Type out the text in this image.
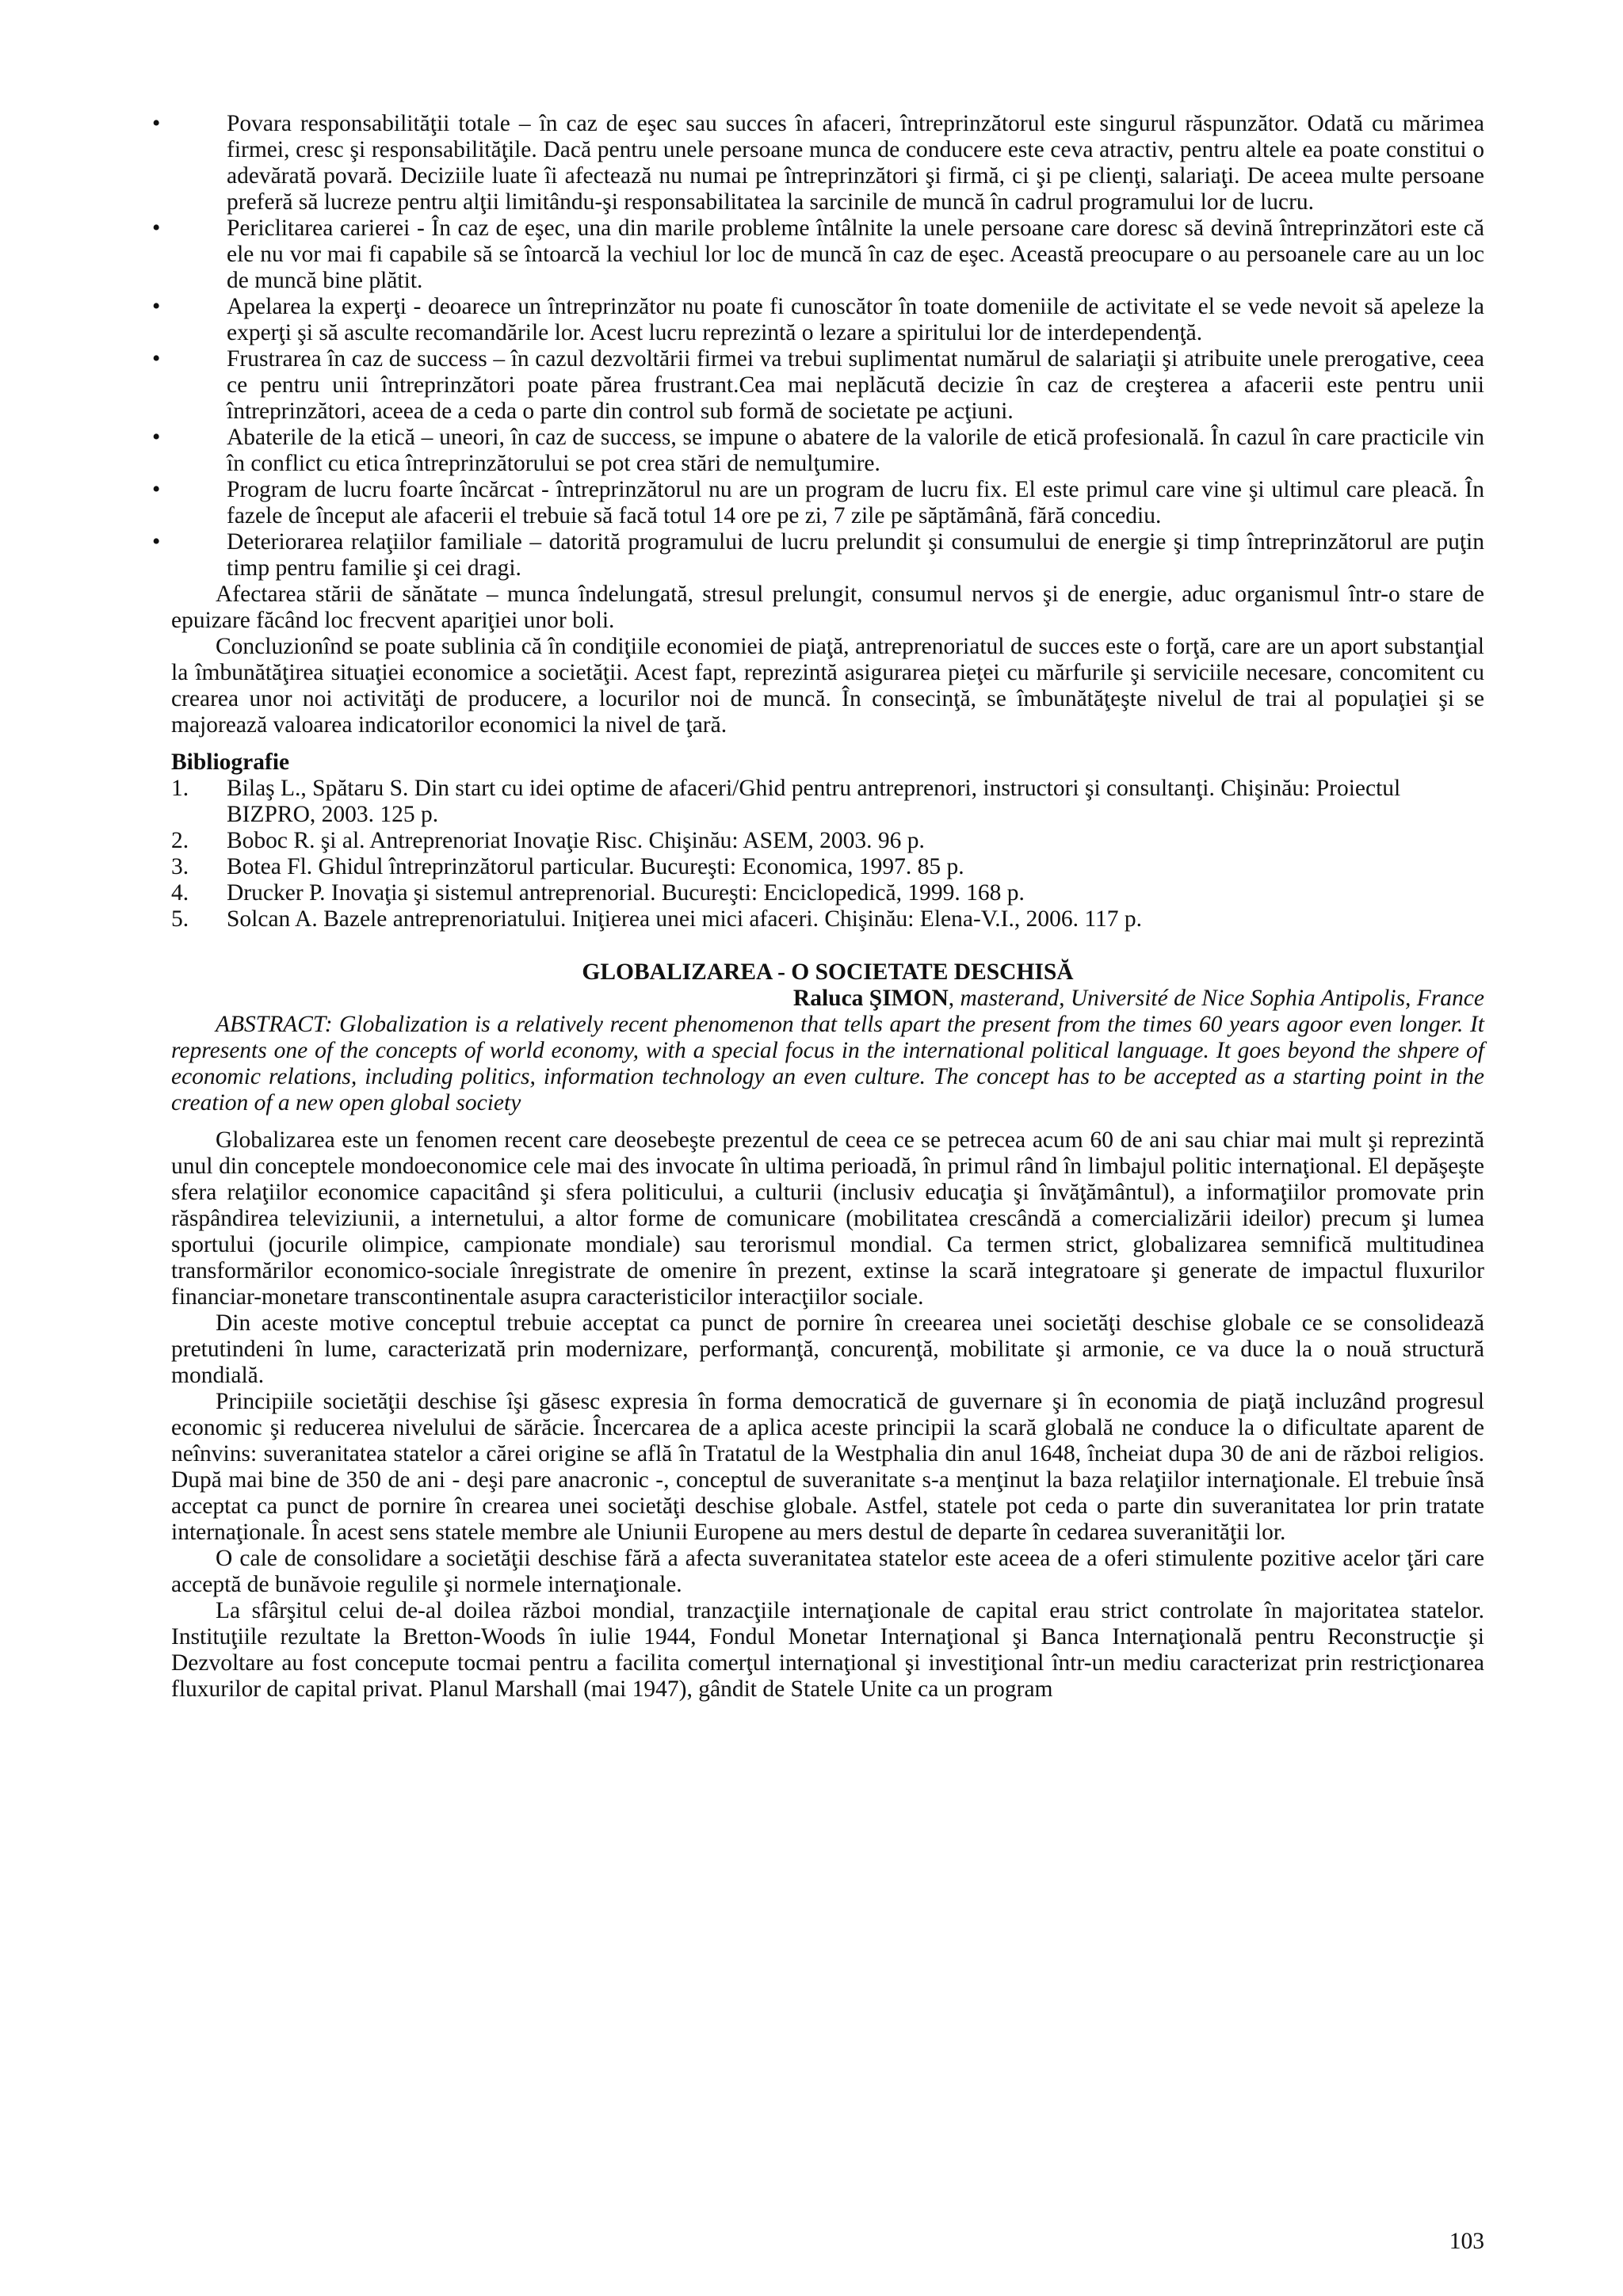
•	Povara responsabilităţii totale – în caz de eşec sau succes în afaceri, întreprinzătorul este singurul răspunzător. Odată cu mărimea firmei, cresc şi responsabilităţile. Dacă pentru unele persoane munca de conducere este ceva atractiv, pentru altele ea poate constitui o adevărată povară. Deciziile luate îi afectează nu numai pe întreprinzători şi firmă, ci şi pe clienţi, salariaţi. De aceea multe persoane preferă să lucreze pentru alţii limitându-şi responsabilitatea la sarcinile de muncă în cadrul programului lor de lucru.
•	Periclitarea carierei - În caz de eşec, una din marile probleme întâlnite la unele persoane care doresc să devină întreprinzători este că ele nu vor mai fi capabile să se întoarcă la vechiul lor loc de muncă în caz de eşec. Această preocupare o au persoanele care au un loc de muncă bine plătit.
•	Apelarea la experţi - deoarece un întreprinzător nu poate fi cunoscător în toate domeniile de activitate el se vede nevoit să apeleze la experţi şi să asculte recomandările lor. Acest lucru reprezintă o lezare a spiritului lor de interdependenţă.
•	Frustrarea în caz de success – în cazul dezvoltării firmei va trebui suplimentat numărul de salariaţii şi atribuite unele prerogative, ceea ce pentru unii întreprinzători poate părea frustrant.Cea mai neplăcută decizie în caz de creşterea a afacerii este pentru unii întreprinzători, aceea de a ceda o parte din control sub formă de societate pe acţiuni.
•	Abaterile de la etică – uneori, în caz de success, se impune o abatere de la valorile de etică profesională. În cazul în care practicile vin în conflict cu etica întreprinzătorului se pot crea stări de nemulţumire.
•	Program de lucru foarte încărcat - întreprinzătorul nu are un program de lucru fix. El este primul care vine şi ultimul care pleacă. În fazele de început ale afacerii el trebuie să facă totul 14 ore pe zi, 7 zile pe săptămână, fără concediu.
•	Deteriorarea relaţiilor familiale – datorită programului de lucru prelundit şi consumului de energie şi timp întreprinzătorul are puţin timp pentru familie şi cei dragi.

Afectarea stării de sănătate – munca îndelungată, stresul prelungit, consumul nervos şi de energie, aduc organismul într-o stare de epuizare făcând loc frecvent apariţiei unor boli.

Concluzionînd se poate sublinia că în condiţiile economiei de piaţă, antreprenoriatul de succes este o forţă, care are un aport substanţial la îmbunătăţirea situaţiei economice a societăţii. Acest fapt, reprezintă asigurarea pieţei cu mărfurile şi serviciile necesare, concomitent cu crearea unor noi activităţi de producere, a locurilor noi de muncă. În consecinţă, se îmbunătăţeşte nivelul de trai al populaţiei şi se majorează valoarea indicatorilor economici la nivel de ţară.

Bibliografie
1. Bilaş L., Spătaru S. Din start cu idei optime de afaceri/Ghid pentru antreprenori, instructori şi consultanţi. Chişinău: Proiectul BIZPRO, 2003. 125 p.
2. Boboc R. şi al. Antreprenoriat Inovaţie Risc. Chişinău: ASEM, 2003. 96 p.
3. Botea Fl. Ghidul întreprinzătorul particular. Bucureşti: Economica, 1997. 85 p.
4. Drucker P. Inovaţia şi sistemul antreprenorial. Bucureşti: Enciclopedică, 1999. 168 p.
5. Solcan A. Bazele antreprenoriatului. Iniţierea unei mici afaceri. Chişinău: Elena-V.I., 2006. 117 p.
GLOBALIZAREA - O SOCIETATE DESCHISĂ
Raluca ŞIMON, masterand, Université de Nice Sophia Antipolis, France

ABSTRACT: Globalization is a relatively recent phenomenon that tells apart the present from the times 60 years agoor even longer. It represents one of the concepts of world economy, with a special focus in the international political language. It goes beyond the shpere of economic relations, including politics, information technology an even culture. The concept has to be accepted as a starting point in the creation of a new open global society

Globalizarea este un fenomen recent care deosebeşte prezentul de ceea ce se petrecea acum 60 de ani sau chiar mai mult şi reprezintă unul din conceptele mondoeconomice cele mai des invocate în ultima perioadă, în primul rând în limbajul politic internaţional. El depăşeşte sfera relaţiilor economice capacitând şi sfera politicului, a culturii (inclusiv educaţia şi învăţământul), a informaţiilor promovate prin răspândirea televiziunii, a internetului, a altor forme de comunicare (mobilitatea crescândă a comercializării ideilor) precum şi lumea sportului (jocurile olimpice, campionate mondiale) sau terorismul mondial. Ca termen strict, globalizarea semnifică multitudinea transformărilor economico-sociale înregistrate de omenire în prezent, extinse la scară integratoare şi generate de impactul fluxurilor financiar-monetare transcontinentale asupra caracteristicilor interacţiilor sociale.

Din aceste motive conceptul trebuie acceptat ca punct de pornire în creearea unei societăţi deschise globale ce se consolidează pretutindeni în lume, caracterizată prin modernizare, performanţă, concurenţă, mobilitate şi armonie, ce va duce la o nouă structură mondială.

Principiile societăţii deschise îşi găsesc expresia în forma democratică de guvernare şi în economia de piaţă incluzând progresul economic şi reducerea nivelului de sărăcie. Încercarea de a aplica aceste principii la scară globală ne conduce la o dificultate aparent de neînvins: suveranitatea statelor a cărei origine se află în Tratatul de la Westphalia din anul 1648, încheiat dupa 30 de ani de război religios. După mai bine de 350 de ani - deşi pare anacronic -, conceptul de suveranitate s-a menţinut la baza relaţiilor internaţionale. El trebuie însă acceptat ca punct de pornire în crearea unei societăţi deschise globale. Astfel, statele pot ceda o parte din suveranitatea lor prin tratate internaţionale. În acest sens statele membre ale Uniunii Europene au mers destul de departe în cedarea suveranităţii lor.

O cale de consolidare a societăţii deschise fără a afecta suveranitatea statelor este aceea de a oferi stimulente pozitive acelor ţări care acceptă de bunăvoie regulile şi normele internaţionale.

La sfârşitul celui de-al doilea război mondial, tranzacţiile internaţionale de capital erau strict controlate în majoritatea statelor. Instituţiile rezultate la Bretton-Woods în iulie 1944, Fondul Monetar Internaţional şi Banca Internaţională pentru Reconstrucţie şi Dezvoltare au fost concepute tocmai pentru a facilita comerţul internaţional şi investiţional într-un mediu caracterizat prin restricţionarea fluxurilor de capital privat. Planul Marshall (mai 1947), gândit de Statele Unite ca un program

103
